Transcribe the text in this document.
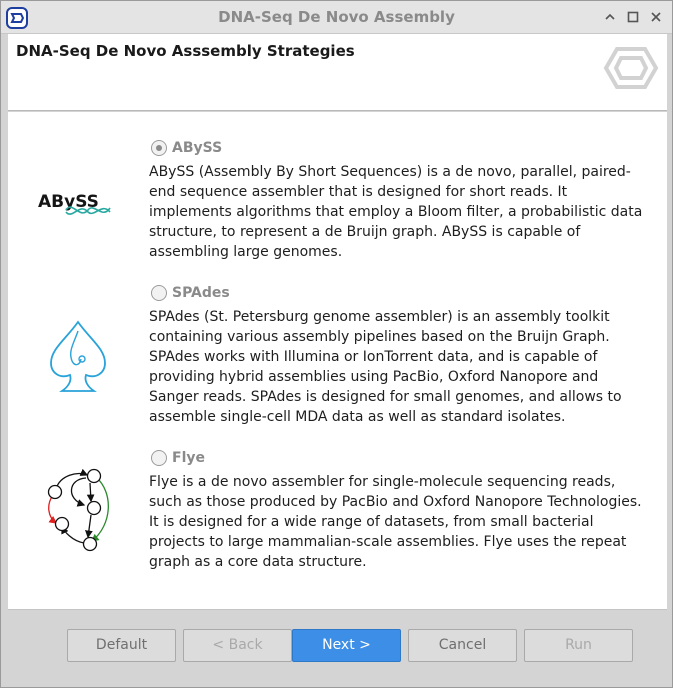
DNA-Seq De Novo Assembly
DNA-Seq De Novo Asssembly Strategies
ABySS
ABySS
ABySS (Assembly By Short Sequences) is a de novo, parallel, paired-end sequence assembler that is designed for short reads. It implements algorithms that employ a Bloom filter, a probabilistic data structure, to represent a de Bruijn graph. ABySS is capable of assembling large genomes.
SPAdes
SPAdes (St. Petersburg genome assembler) is an assembly toolkit containing various assembly pipelines based on the Bruijn Graph. SPAdes works with Illumina or IonTorrent data, and is capable of providing hybrid assemblies using PacBio, Oxford Nanopore and Sanger reads. SPAdes is designed for small genomes, and allows to assemble single-cell MDA data as well as standard isolates.
Flye
Flye is a de novo assembler for single-molecule sequencing reads, such as those produced by PacBio and Oxford Nanopore Technologies. It is designed for a wide range of datasets, from small bacterial projects to large mammalian-scale assemblies. Flye uses the repeat graph as a core data structure.
Default	< Back	Next >	Cancel	Run
